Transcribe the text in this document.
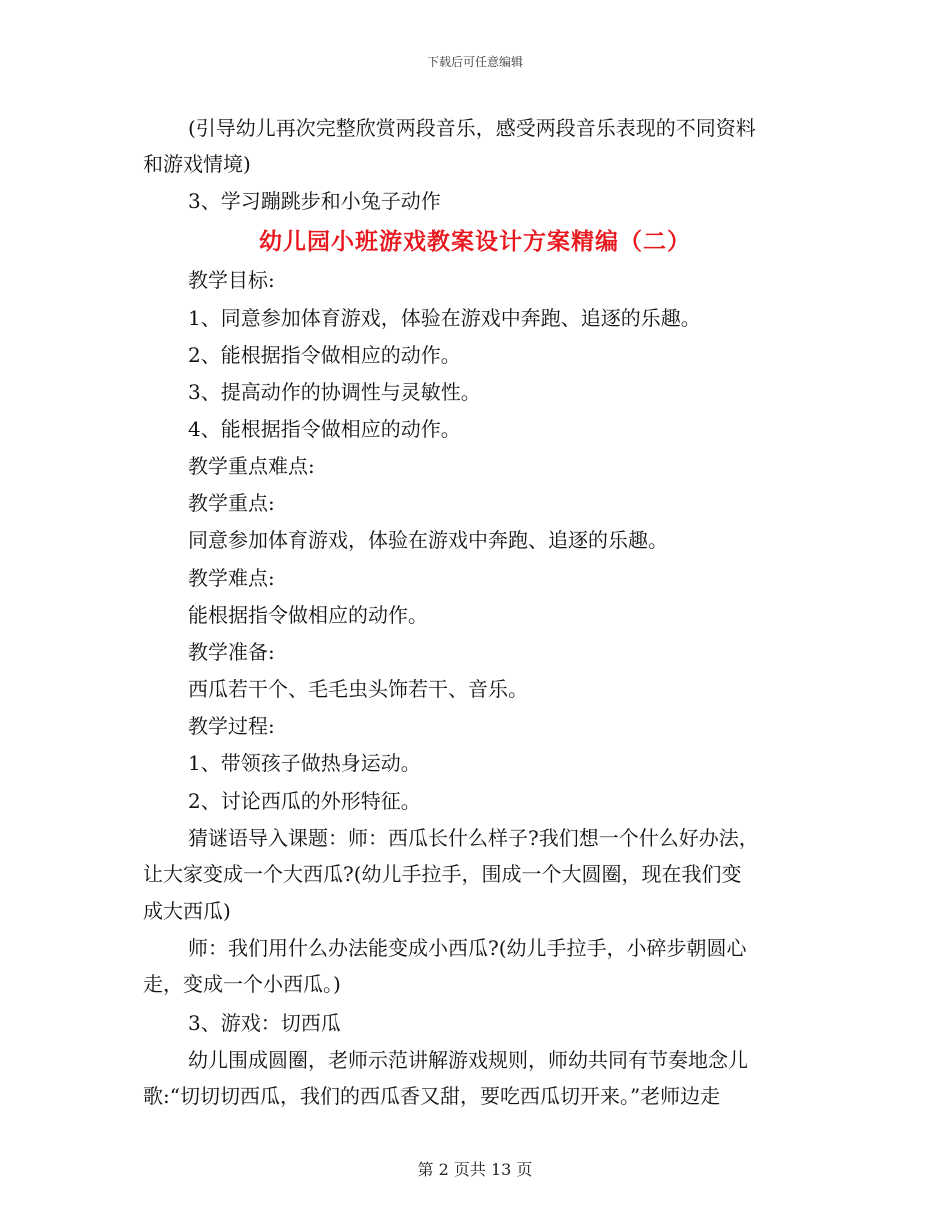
下载后可任意编辑
(引导幼儿再次完整欣赏两段音乐，感受两段音乐表现的不同资料
和游戏情境)
3、学习蹦跳步和小兔子动作
幼儿园小班游戏教案设计方案精编（二）
教学目标:
1、同意参加体育游戏，体验在游戏中奔跑、追逐的乐趣。
2、能根据指令做相应的动作。
3、提高动作的协调性与灵敏性。
4、能根据指令做相应的动作。
教学重点难点:
教学重点:
同意参加体育游戏，体验在游戏中奔跑、追逐的乐趣。
教学难点:
能根据指令做相应的动作。
教学准备:
西瓜若干个、毛毛虫头饰若干、音乐。
教学过程:
1、带领孩子做热身运动。
2、讨论西瓜的外形特征。
猜谜语导入课题：师：西瓜长什么样子?我们想一个什么好办法，
让大家变成一个大西瓜?(幼儿手拉手，围成一个大圆圈，现在我们变
成大西瓜)
师：我们用什么办法能变成小西瓜?(幼儿手拉手，小碎步朝圆心
走，变成一个小西瓜。)
3、游戏：切西瓜
幼儿围成圆圈，老师示范讲解游戏规则，师幼共同有节奏地念儿
歌:“切切切西瓜，我们的西瓜香又甜，要吃西瓜切开来。”老师边走
第 2 页共 13 页
